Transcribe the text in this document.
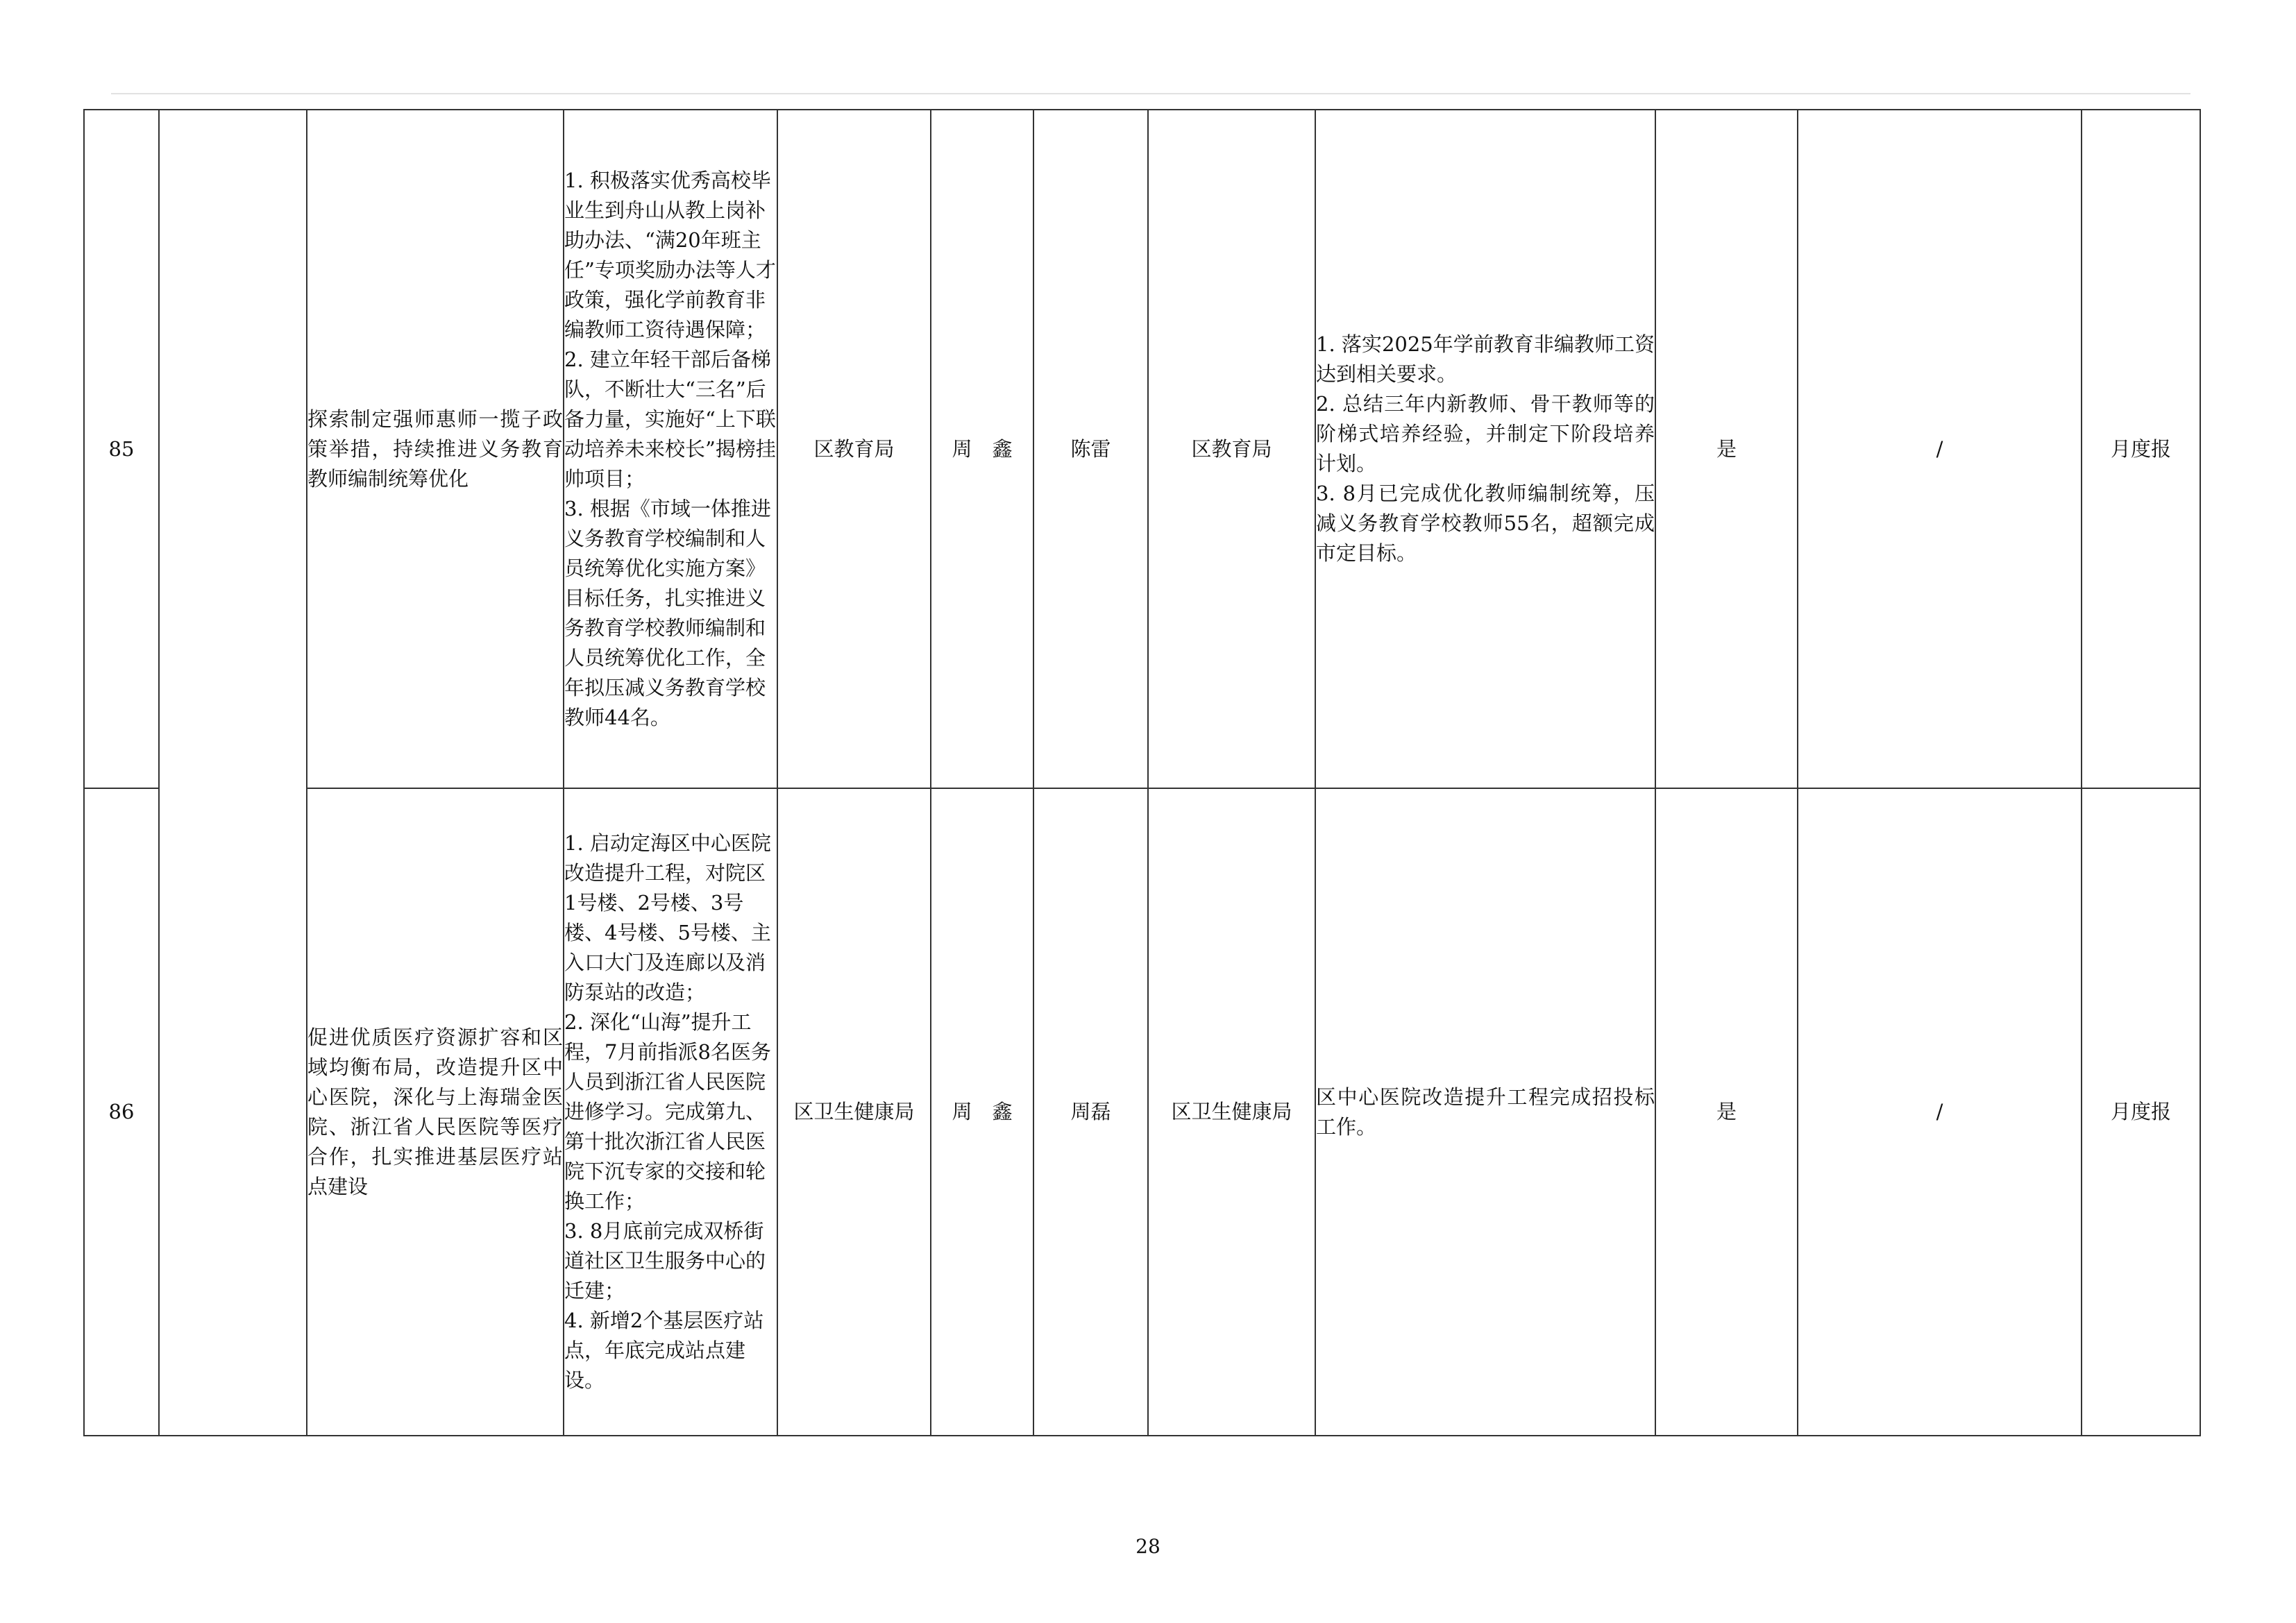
85		探索制定强师惠师一揽子政策举措，持续推进义务教育教师编制统筹优化	1. 积极落实优秀高校毕业生到舟山从教上岗补助办法、“满20年班主任”专项奖励办法等人才政策，强化学前教育非编教师工资待遇保障；
2. 建立年轻干部后备梯队，不断壮大“三名”后备力量，实施好“上下联动培养未来校长”揭榜挂帅项目；
3. 根据《市域一体推进义务教育学校编制和人员统筹优化实施方案》目标任务，扎实推进义务教育学校教师编制和人员统筹优化工作，全年拟压减义务教育学校教师44名。	区教育局	周　鑫	陈雷	区教育局	1. 落实2025年学前教育非编教师工资达到相关要求。
2. 总结三年内新教师、骨干教师等的阶梯式培养经验，并制定下阶段培养计划。
3. 8月已完成优化教师编制统筹，压减义务教育学校教师55名，超额完成市定目标。	是	/	月度报
86		促进优质医疗资源扩容和区域均衡布局，改造提升区中心医院，深化与上海瑞金医院、浙江省人民医院等医疗合作，扎实推进基层医疗站点建设	1. 启动定海区中心医院改造提升工程，对院区1号楼、2号楼、3号楼、4号楼、5号楼、主入口大门及连廊以及消防泵站的改造；
2. 深化“山海”提升工程，7月前指派8名医务人员到浙江省人民医院进修学习。完成第九、第十批次浙江省人民医院下沉专家的交接和轮换工作；
3. 8月底前完成双桥街道社区卫生服务中心的迁建；
4. 新增2个基层医疗站点，年底完成站点建设。	区卫生健康局	周　鑫	周磊	区卫生健康局	区中心医院改造提升工程完成招投标工作。	是	/	月度报
28
